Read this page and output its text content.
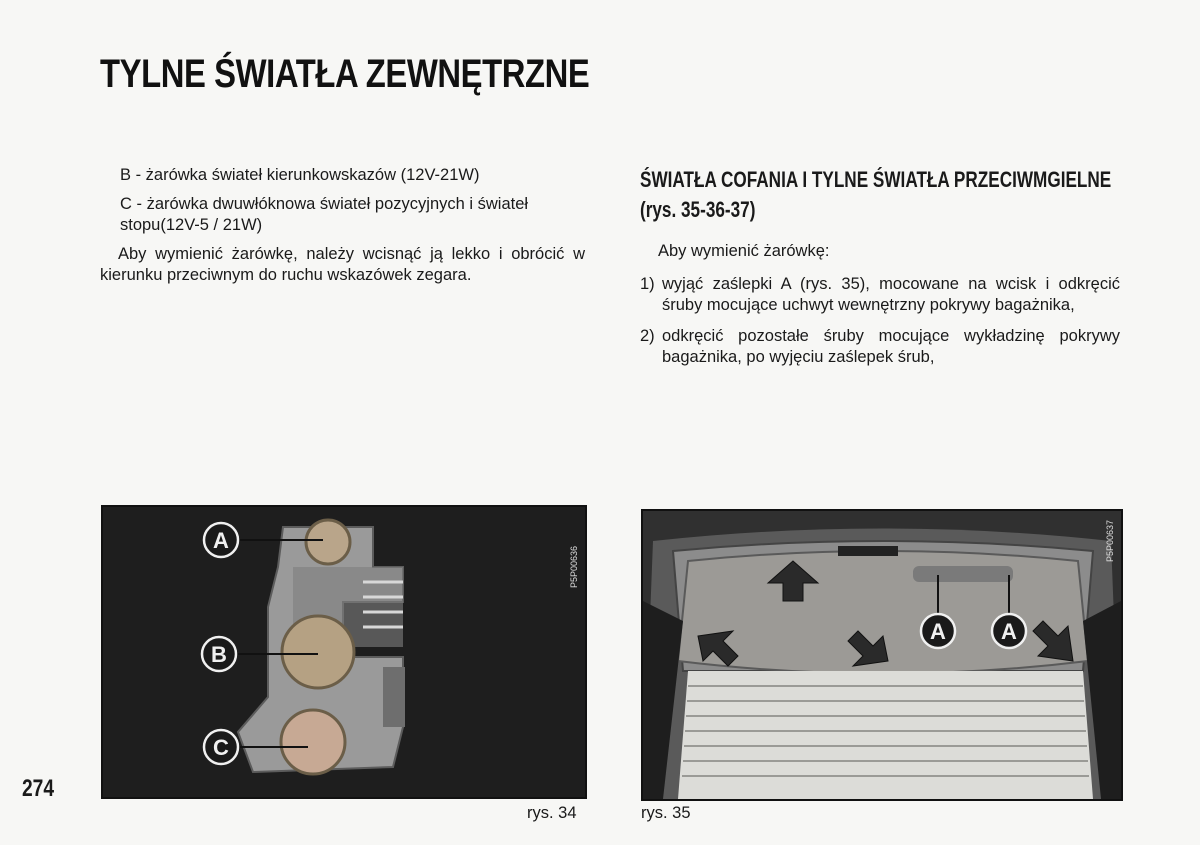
TYLNE ŚWIATŁA ZEWNĘTRZNE

B - żarówka świateł kierunkowskazów (12V-21W)

C - żarówka dwuwłóknowa świateł pozycyjnych i świateł stopu(12V-5 / 21W)

Aby wymienić żarówkę, należy wcisnąć ją lekko i obrócić w kierunku przeciwnym do ruchu wskazówek zegara.

ŚWIATŁA COFANIA I TYLNE ŚWIATŁA PRZECIWMGIELNE (rys. 35-36-37)

Aby wymienić żarówkę:

1) wyjąć zaślepki A (rys. 35), mocowane na wcisk i odkręcić śruby mocujące uchwyt wewnętrzny pokrywy bagażnika,
2) odkręcić pozostałe śruby mocujące wykładzinę pokrywy bagażnika, po wyjęciu zaślepek śrub,
A
B
C
P5P00636
A	A
P5P00637
274
rys. 34	rys. 35
